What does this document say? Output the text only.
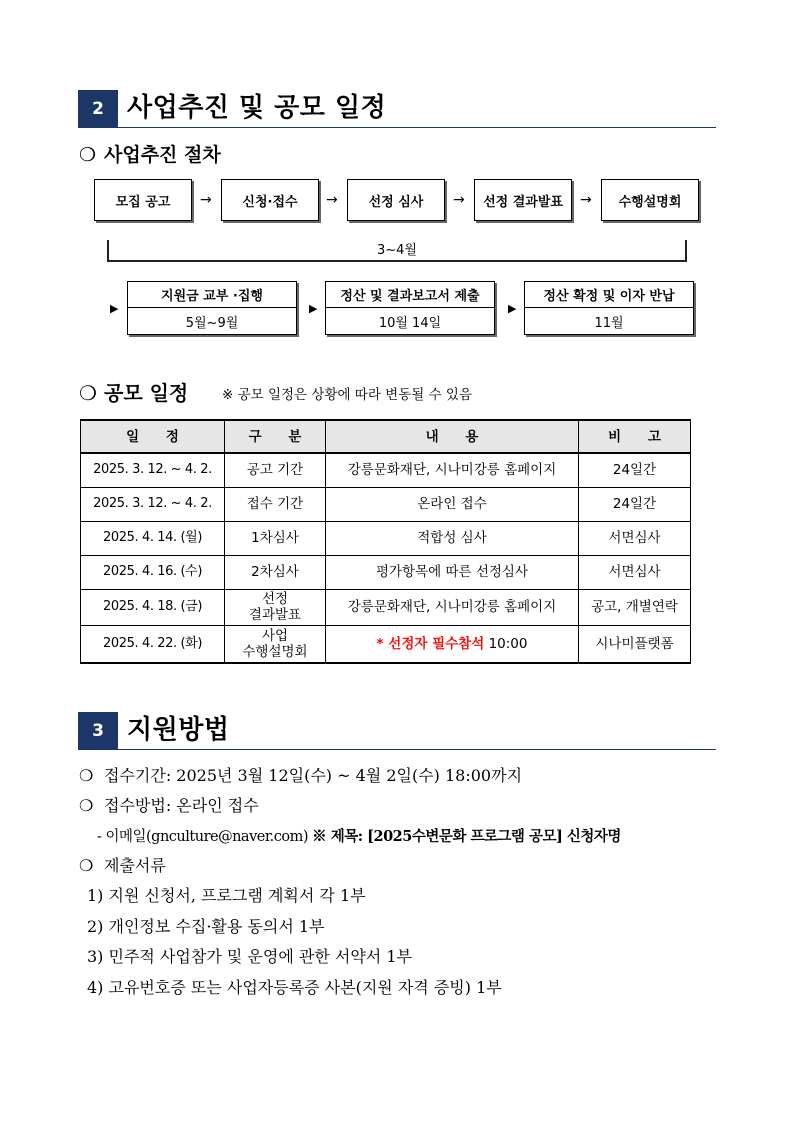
2 사업추진 및 공모 일정
❍ 사업추진 절차
모집 공고	→	신청·접수	→	선정 심사	→	선정 결과발표	→	수행설명회
3~4월
▶
지원금 교부 ·집행
5월~9월
▶
정산 및 결과보고서 제출
10월 14일
▶
정산 확정 및 이자 반납
11월
❍ 공모 일정	※ 공모 일정은 상황에 따라 변동될 수 있음
일 정	구 분	내 용	비 고
2025. 3. 12. ~ 4. 2.	공고 기간	강릉문화재단, 시나미강릉 홈페이지	24일간
2025. 3. 12. ~ 4. 2.	접수 기간	온라인 접수	24일간
2025. 4. 14. (월)	1차심사	적합성 심사	서면심사
2025. 4. 16. (수)	2차심사	평가항목에 따른 선정심사	서면심사
2025. 4. 18. (금)	선정
결과발표	강릉문화재단, 시나미강릉 홈페이지	공고, 개별연락
2025. 4. 22. (화)	사업
수행설명회	* 선정자 필수참석 10:00	시나미플랫폼
3 지원방법
❍ 접수기간: 2025년 3월 12일(수) ~ 4월 2일(수) 18:00까지
❍ 접수방법: 온라인 접수
- 이메일(gnculture@naver.com) ※ 제목: [2025수변문화 프로그램 공모] 신청자명
❍ 제출서류
1) 지원 신청서, 프로그램 계획서 각 1부
2) 개인정보 수집·활용 동의서 1부
3) 민주적 사업참가 및 운영에 관한 서약서 1부
4) 고유번호증 또는 사업자등록증 사본(지원 자격 증빙) 1부
